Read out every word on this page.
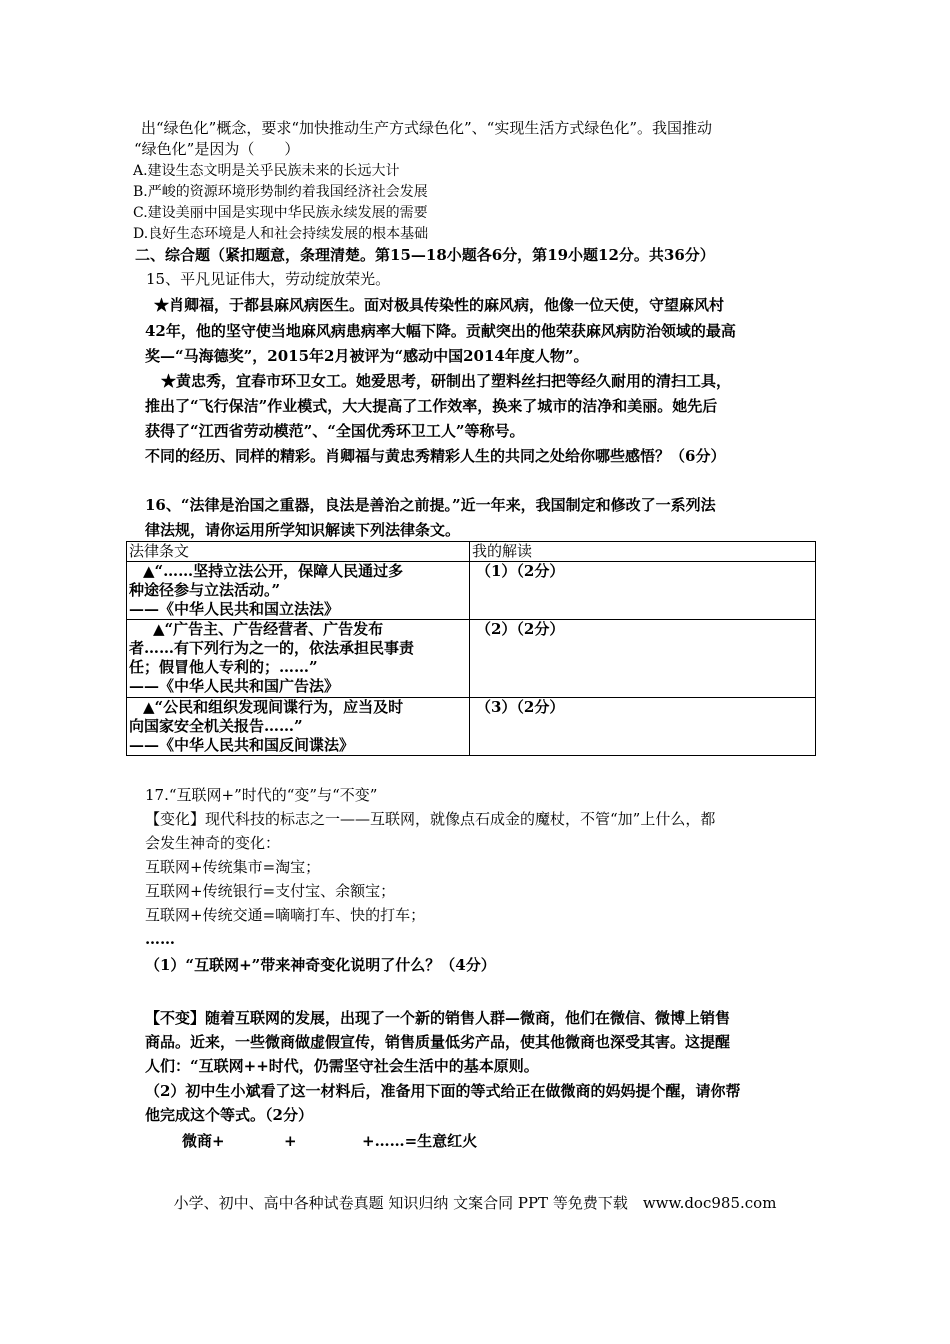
出“绿色化”概念，要求“加快推动生产方式绿色化”、“实现生活方式绿色化”。我国推动
“绿色化”是因为（　　）
A.建设生态文明是关乎民族未来的长远大计
B.严峻的资源环境形势制约着我国经济社会发展
C.建设美丽中国是实现中华民族永续发展的需要
D.良好生态环境是人和社会持续发展的根本基础
二、综合题（紧扣题意，条理清楚。第15—18小题各6分，第19小题12分。共36分）
15、平凡见证伟大，劳动绽放荣光。
★肖卿福，于都县麻风病医生。面对极具传染性的麻风病，他像一位天使，守望麻风村
42年，他的坚守使当地麻风病患病率大幅下降。贡献突出的他荣获麻风病防治领域的最高
奖—“马海德奖”，2015年2月被评为“感动中国2014年度人物”。
★黄忠秀，宜春市环卫女工。她爱思考，研制出了塑料丝扫把等经久耐用的清扫工具，
推出了“飞行保洁”作业模式，大大提高了工作效率，换来了城市的洁净和美丽。她先后
获得了“江西省劳动模范”、“全国优秀环卫工人”等称号。
不同的经历、同样的精彩。肖卿福与黄忠秀精彩人生的共同之处给你哪些感悟？（6分）
16、“法律是治国之重器，良法是善治之前提。”近一年来，我国制定和修改了一系列法
律法规，请你运用所学知识解读下列法律条文。
法律条文	我的解读

▲“……坚持立法公开，保障人民通过多
种途径参与立法活动。”
——《中华人民共和国立法法》	（1）（2分）

▲“广告主、广告经营者、广告发布
者……有下列行为之一的，依法承担民事责
任；假冒他人专利的；……”
——《中华人民共和国广告法》	（2）（2分）

▲“公民和组织发现间谍行为，应当及时
向国家安全机关报告……”
——《中华人民共和国反间谍法》	（3）（2分）
17.“互联网+”时代的“变”与“不变”
【变化】现代科技的标志之一——互联网，就像点石成金的魔杖，不管“加”上什么，都
会发生神奇的变化：
互联网+传统集市=淘宝；
互联网+传统银行=支付宝、余额宝；
互联网+传统交通=嘀嘀打车、快的打车；
……
（1）“互联网+”带来神奇变化说明了什么？（4分）
【不变】随着互联网的发展，出现了一个新的销售人群—微商，他们在微信、微博上销售
商品。近来，一些微商做虚假宣传，销售质量低劣产品，使其他微商也深受其害。这提醒
人们：“互联网++时代，仍需坚守社会生活中的基本原则。
（2）初中生小斌看了这一材料后，准备用下面的等式给正在做微商的妈妈提个醒，请你帮
他完成这个等式。（2分）
微商+	+	+……=生意红火
小学、初中、高中各种试卷真题 知识归纳 文案合同 PPT 等免费下载　www.doc985.com
